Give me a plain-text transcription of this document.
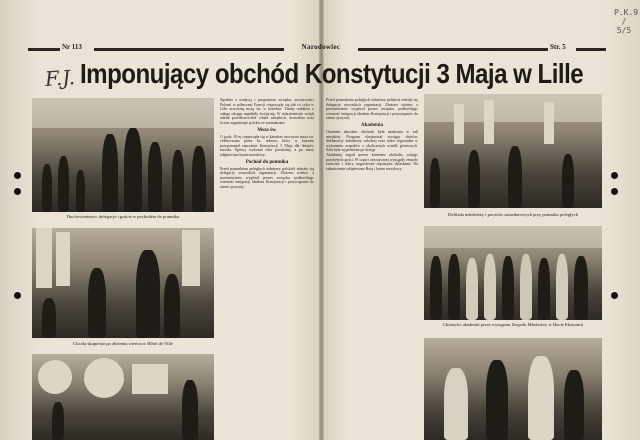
Nr 113	Narodowiec	Str. 5
F.J.
P.K.9 / 5/5
Imponujący obchód Konstytucji 3 Maja w Lille
Duchowieństwo, delegacje i goście w pochodzie do pomnika
Chwila skupienia po złożeniu wieńca w Hôtel de Ville
Zgodnie z tradycją i programem związku, uroczystości Polonii w północnej Francji rozpoczęły się jak co roku w Lille uroczystą mszą św. w katedrze. Tłumy rodaków z całego okręgu napełniły świątynię. W nabożeństwie wzięli udział przedstawiciele władz miejskich, konsulatu oraz liczne organizacje polskie ze sztandarami.
Msza św.
O godz. 10-ej rozpoczęła się w katedrze uroczysta msza św. celebrowana przez ks. rektora, który w kazaniu przypomniał znaczenie Konstytucji 3 Maja dla dziejów narodu. Śpiewy wykonał chór parafialny, a po mszy odśpiewano hymn narodowy.
Pochód do pomnika
Przed pomnikiem poległych żołnierzy polskich zebrały się delegacje wszystkich organizacji. Złożono wieńce, a przemówienie wygłosił prezes związku, podkreślając wierność emigracji ideałom Konstytucji i przywiązanie do ziemi ojczystej.
Przed pomnikiem poległych żołnierzy polskich zebrały się delegacje wszystkich organizacji. Złożono wieńce, a przemówienie wygłosił prezes związku, podkreślając wierność emigracji ideałom Konstytucji i przywiązanie do ziemi ojczystej.
Akademia
Ostatnim akordem obchodu była akademia w sali miejskiej. Program obejmował występy chórów, deklamacje młodzieży szkolnej oraz tańce regionalne w wykonaniu zespołów z okolicznych osiedli górniczych. Sala była wypełniona po brzegi.
Akademię zagaił prezes komitetu obchodu, witając przybyłych gości. W części artystycznej wystąpiły zespoły taneczne i chóry, nagrodzone rzęsistymi oklaskami. Na zakończenie odśpiewano Rotę i hymn narodowy.
Defilada młodzieży i pocztów sztandarowych przy pomniku poległych
Chórzyści akademii przez występem Zespołu Młodzieży w Hucie Ekonomii
